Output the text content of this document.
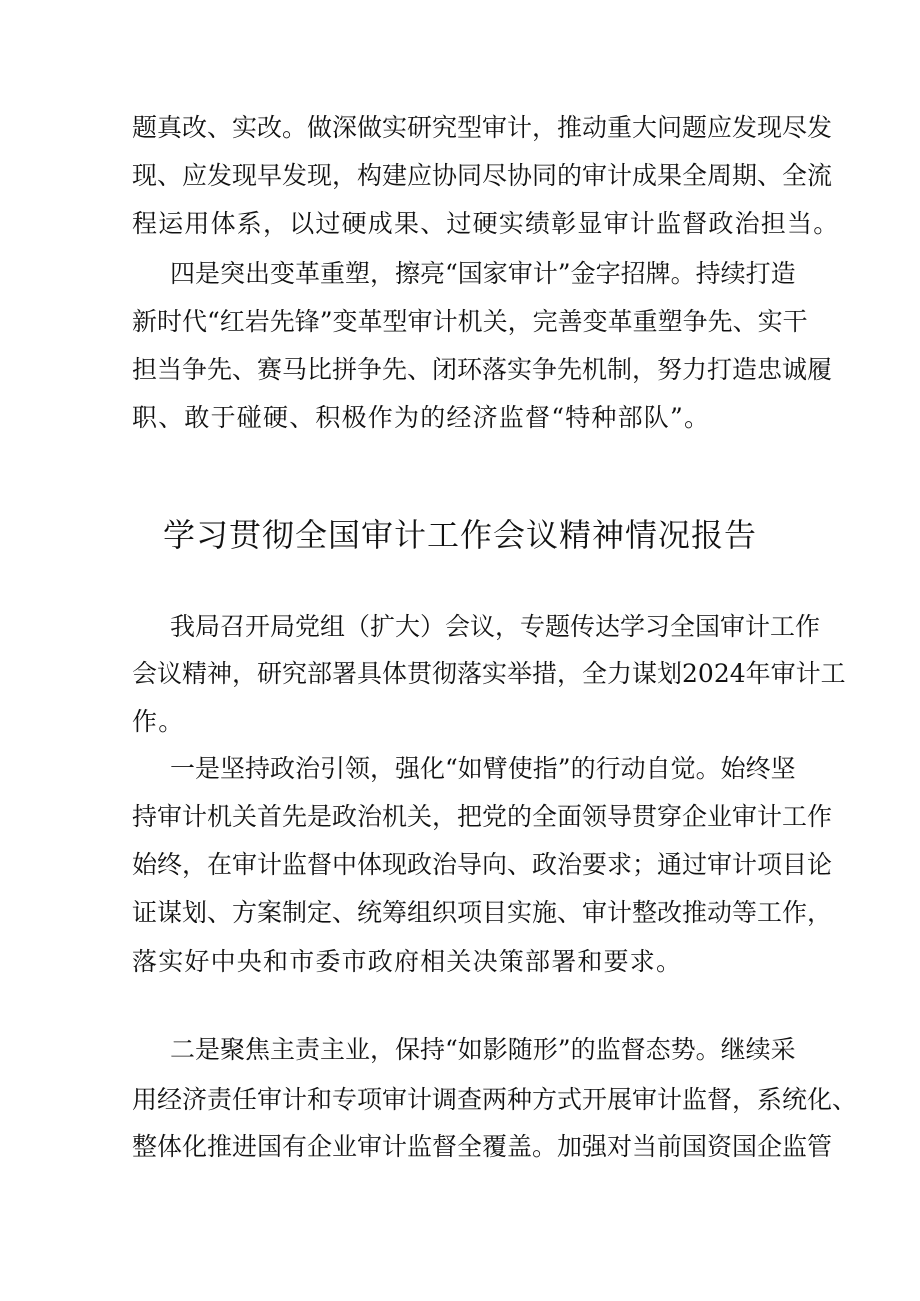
题真改、实改。做深做实研究型审计，推动重大问题应发现尽发
现、应发现早发现，构建应协同尽协同的审计成果全周期、全流
程运用体系，以过硬成果、过硬实绩彰显审计监督政治担当。
四是突出变革重塑，擦亮“国家审计”金字招牌。持续打造
新时代“红岩先锋”变革型审计机关，完善变革重塑争先、实干
担当争先、赛马比拼争先、闭环落实争先机制，努力打造忠诚履
职、敢于碰硬、积极作为的经济监督“特种部队”。
学习贯彻全国审计工作会议精神情况报告
我局召开局党组（扩大）会议，专题传达学习全国审计工作
会议精神，研究部署具体贯彻落实举措，全力谋划2024年审计工
作。
一是坚持政治引领，强化“如臂使指”的行动自觉。始终坚
持审计机关首先是政治机关，把党的全面领导贯穿企业审计工作
始终，在审计监督中体现政治导向、政治要求；通过审计项目论
证谋划、方案制定、统筹组织项目实施、审计整改推动等工作，
落实好中央和市委市政府相关决策部署和要求。
二是聚焦主责主业，保持“如影随形”的监督态势。继续采
用经济责任审计和专项审计调查两种方式开展审计监督，系统化、
整体化推进国有企业审计监督全覆盖。加强对当前国资国企监管
